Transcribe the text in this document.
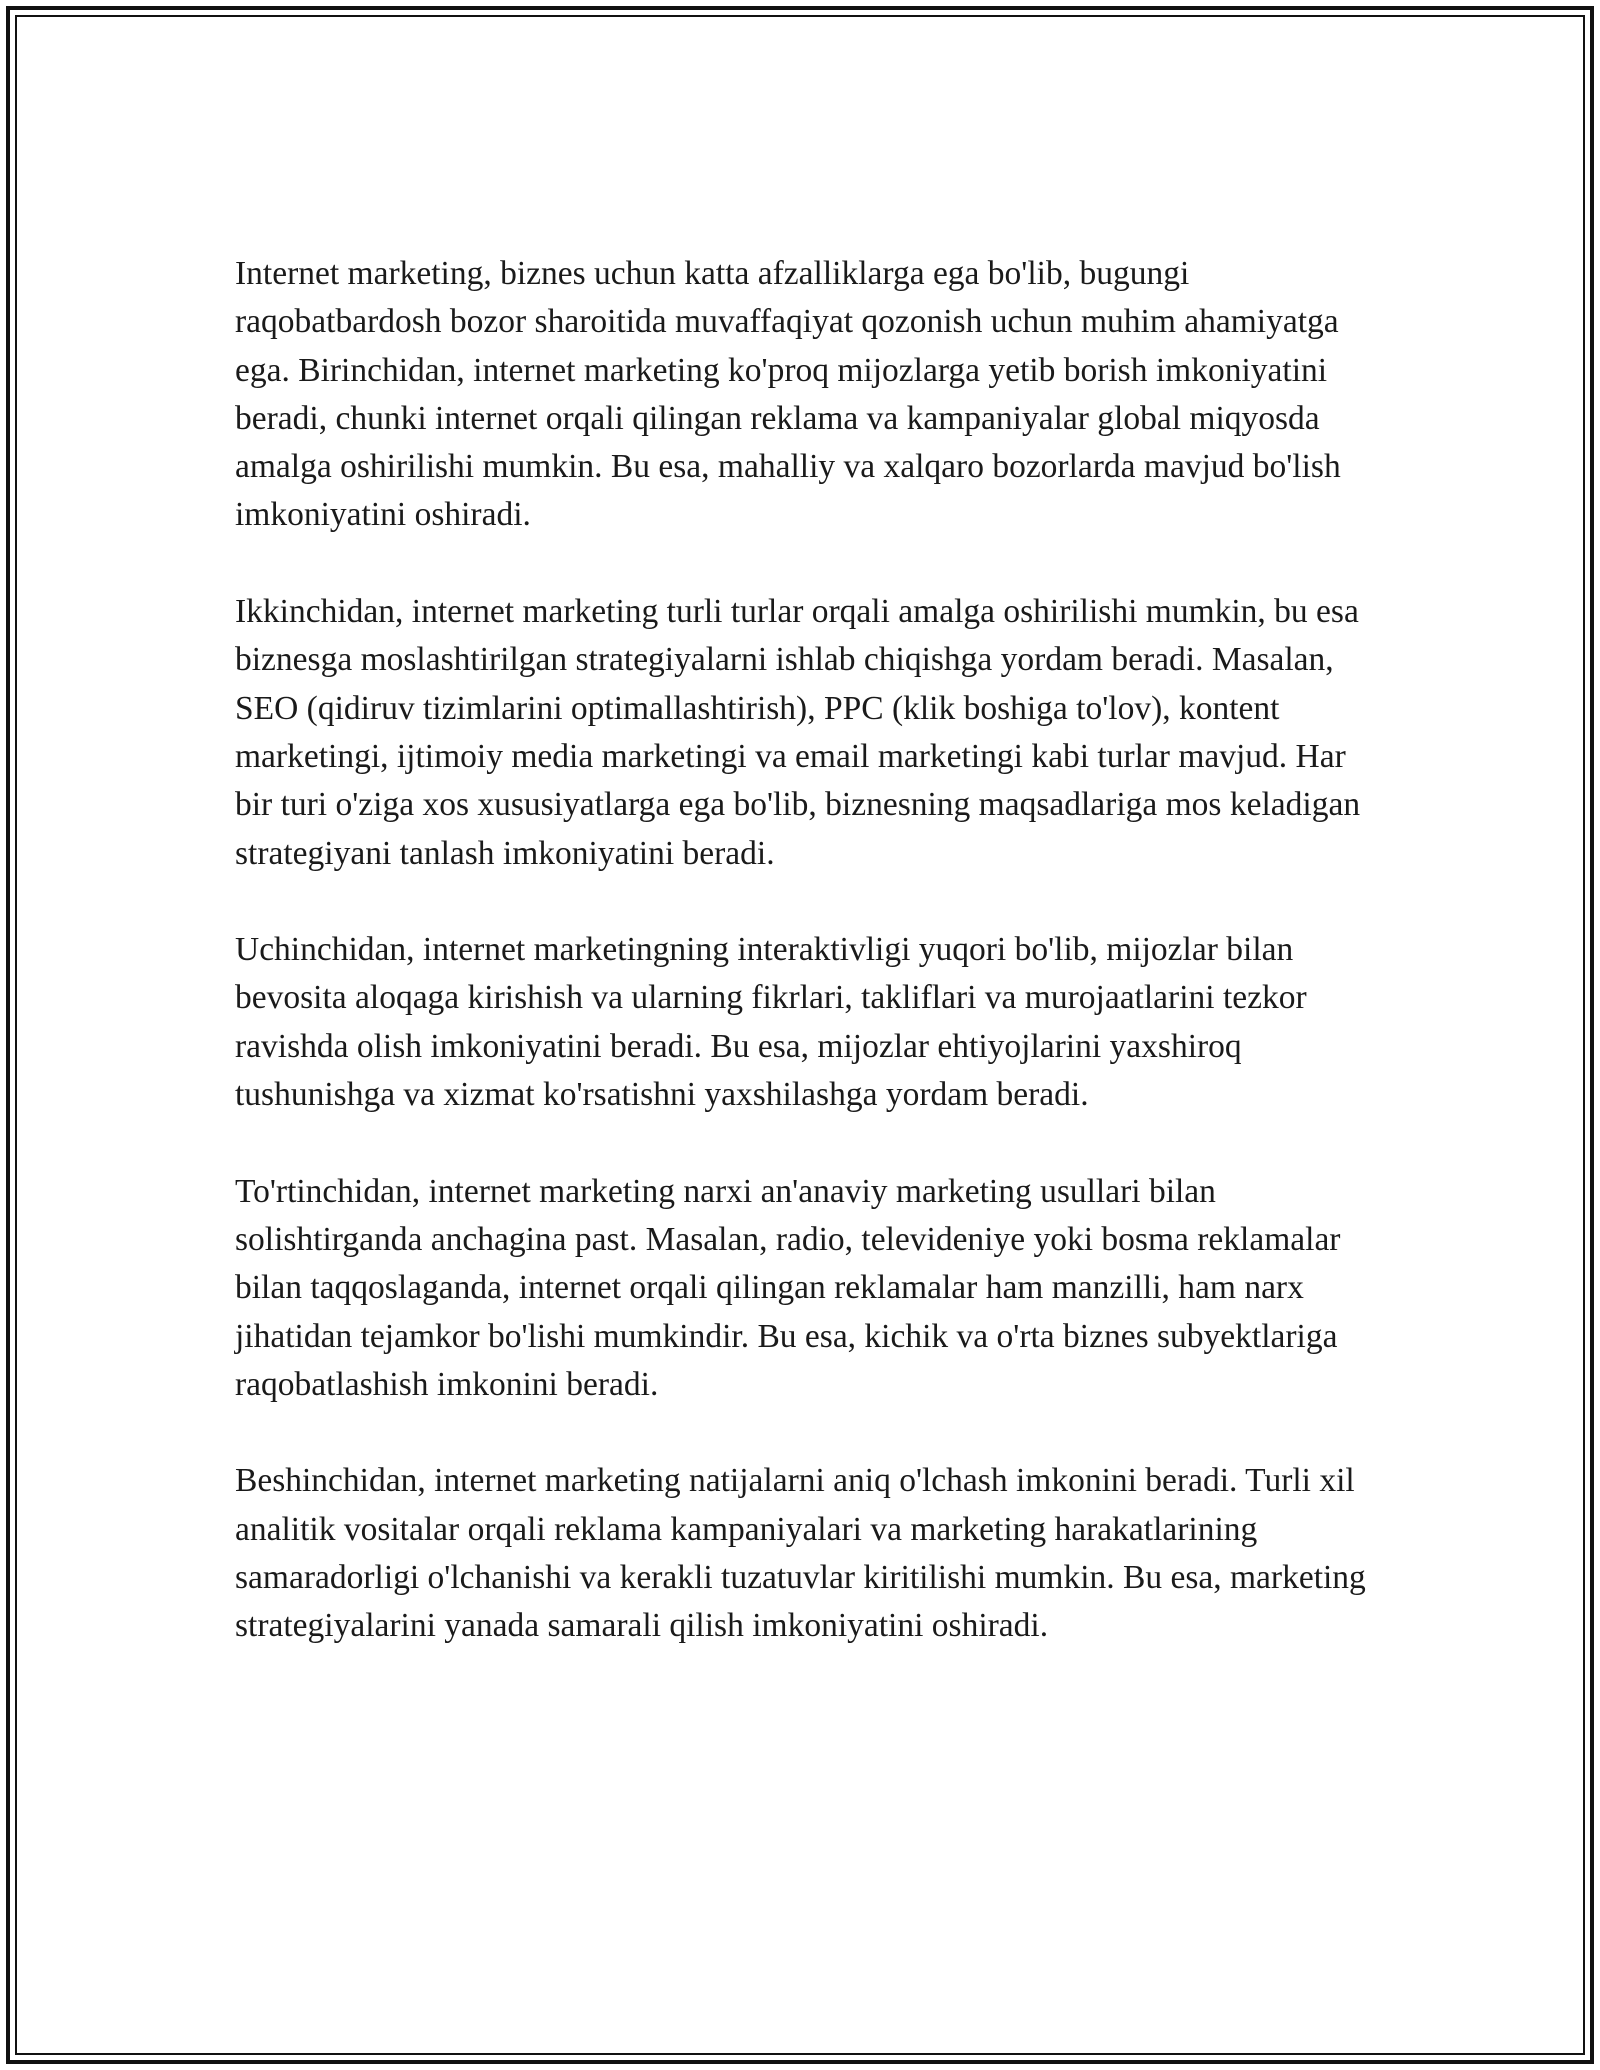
Internet marketing, biznes uchun katta afzalliklarga ega bo'lib, bugungi raqobatbardosh bozor sharoitida muvaffaqiyat qozonish uchun muhim ahamiyatga ega. Birinchidan, internet marketing ko'proq mijozlarga yetib borish imkoniyatini beradi, chunki internet orqali qilingan reklama va kampaniyalar global miqyosda amalga oshirilishi mumkin. Bu esa, mahalliy va xalqaro bozorlarda mavjud bo'lish imkoniyatini oshiradi.

Ikkinchidan, internet marketing turli turlar orqali amalga oshirilishi mumkin, bu esa biznesga moslashtirilgan strategiyalarni ishlab chiqishga yordam beradi. Masalan, SEO (qidiruv tizimlarini optimallashtirish), PPC (klik boshiga to'lov), kontent marketingi, ijtimoiy media marketingi va email marketingi kabi turlar mavjud. Har bir turi o'ziga xos xususiyatlarga ega bo'lib, biznesning maqsadlariga mos keladigan strategiyani tanlash imkoniyatini beradi.

Uchinchidan, internet marketingning interaktivligi yuqori bo'lib, mijozlar bilan bevosita aloqaga kirishish va ularning fikrlari, takliflari va murojaatlarini tezkor ravishda olish imkoniyatini beradi. Bu esa, mijozlar ehtiyojlarini yaxshiroq tushunishga va xizmat ko'rsatishni yaxshilashga yordam beradi.

To'rtinchidan, internet marketing narxi an'anaviy marketing usullari bilan solishtirganda anchagina past. Masalan, radio, televideniye yoki bosma reklamalar bilan taqqoslaganda, internet orqali qilingan reklamalar ham manzilli, ham narx jihatidan tejamkor bo'lishi mumkindir. Bu esa, kichik va o'rta biznes subyektlariga raqobatlashish imkonini beradi.

Beshinchidan, internet marketing natijalarni aniq o'lchash imkonini beradi. Turli xil analitik vositalar orqali reklama kampaniyalari va marketing harakatlarining samaradorligi o'lchanishi va kerakli tuzatuvlar kiritilishi mumkin. Bu esa, marketing strategiyalarini yanada samarali qilish imkoniyatini oshiradi.
